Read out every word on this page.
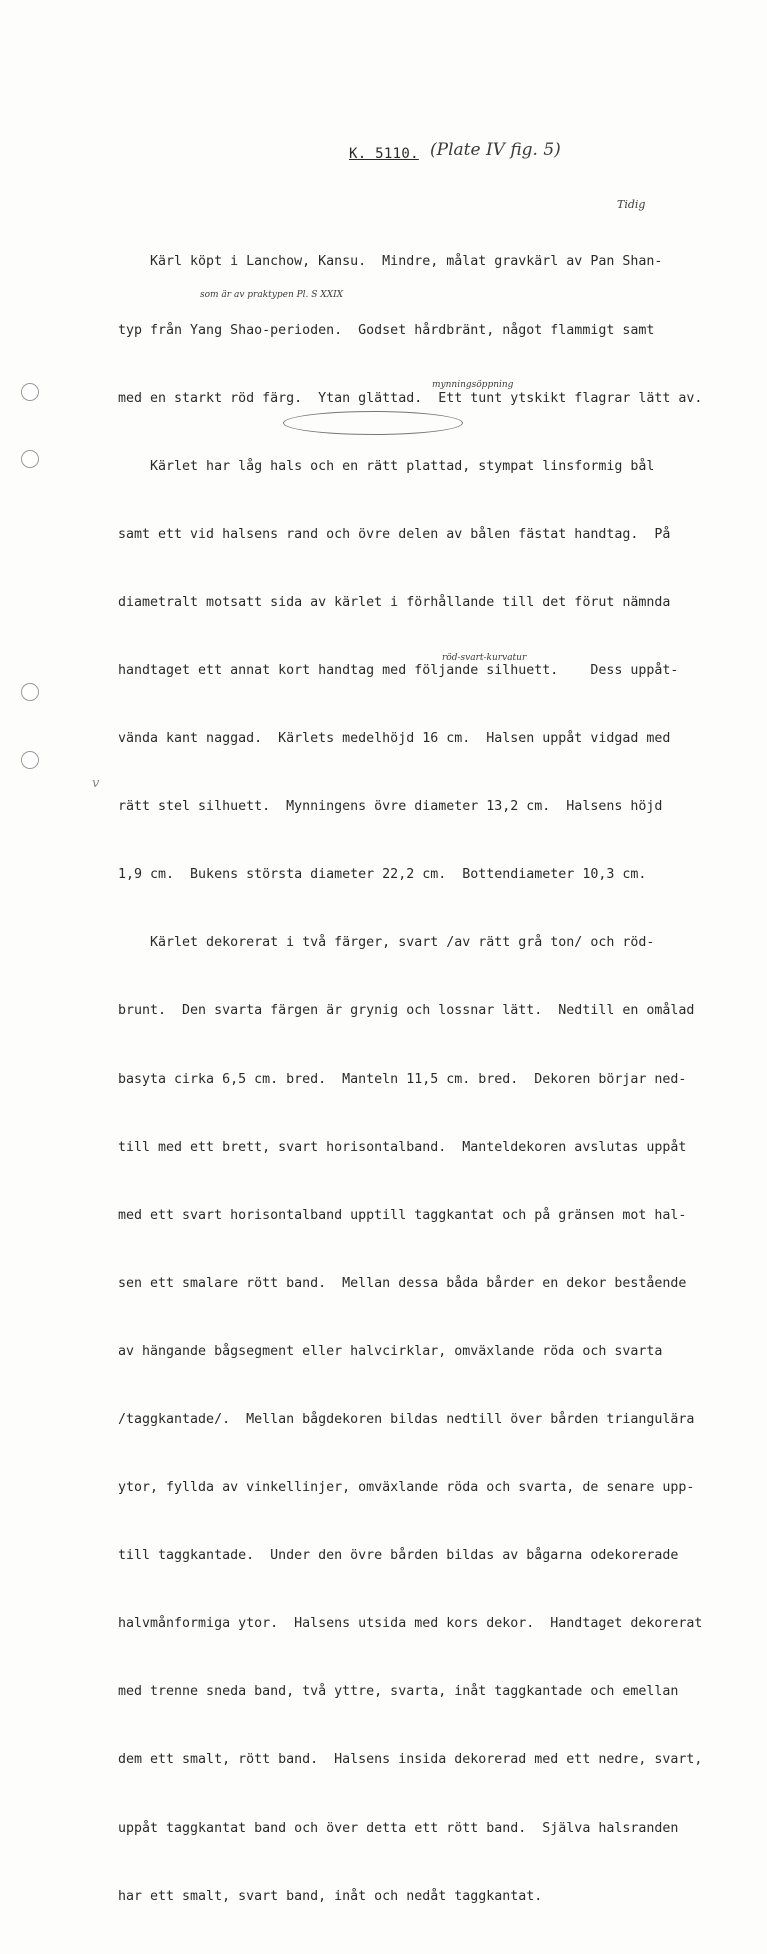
K. 5110. (Plate IV fig. 5)
Tidig
som är av praktypen Pl. S XXIX
mynningsöppning
röd-svart-kurvatur
v

Kärl köpt i Lanchow, Kansu.  Mindre, målat gravkärl av Pan Shan-

typ från Yang Shao-perioden.  Godset hårdbränt, något flammigt samt

med en starkt röd färg.  Ytan glättad.  Ett tunt ytskikt flagrar lätt av.

Kärlet har låg hals och en rätt plattad, stympat linsformig bål

samt ett vid halsens rand och övre delen av bålen fästat handtag.  På

diametralt motsatt sida av kärlet i förhållande till det förut nämnda

handtaget ett annat kort handtag med följande silhuett.    Dess uppåt-

vända kant naggad.  Kärlets medelhöjd 16 cm.  Halsen uppåt vidgad med

rätt stel silhuett.  Mynningens övre diameter 13,2 cm.  Halsens höjd

1,9 cm.  Bukens största diameter 22,2 cm.  Bottendiameter 10,3 cm.

Kärlet dekorerat i två färger, svart /av rätt grå ton/ och röd-

brunt.  Den svarta färgen är grynig och lossnar lätt.  Nedtill en omålad

basyta cirka 6,5 cm. bred.  Manteln 11,5 cm. bred.  Dekoren börjar ned-

till med ett brett, svart horisontalband.  Manteldekoren avslutas uppåt

med ett svart horisontalband upptill taggkantat och på gränsen mot hal-

sen ett smalare rött band.  Mellan dessa båda bårder en dekor bestående

av hängande bågsegment eller halvcirklar, omväxlande röda och svarta

/taggkantade/.  Mellan bågdekoren bildas nedtill över bården triangulära

ytor, fyllda av vinkellinjer, omväxlande röda och svarta, de senare upp-

till taggkantade.  Under den övre bården bildas av bågarna odekorerade

halvmånformiga ytor.  Halsens utsida med kors dekor.  Handtaget dekorerat

med trenne sneda band, två yttre, svarta, inåt taggkantade och emellan

dem ett smalt, rött band.  Halsens insida dekorerad med ett nedre, svart,

uppåt taggkantat band och över detta ett rött band.  Själva halsranden

har ett smalt, svart band, inåt och nedåt taggkantat.
